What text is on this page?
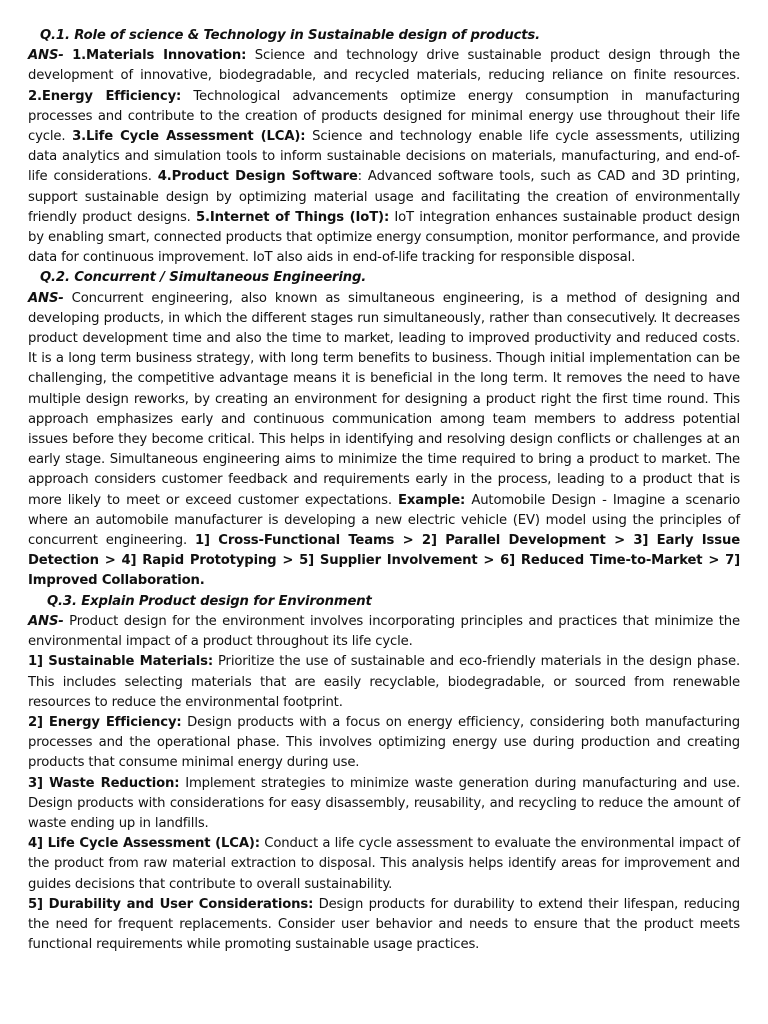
Q.1. Role of science & Technology in Sustainable design of products.

ANS- 1.Materials Innovation: Science and technology drive sustainable product design through the development of innovative, biodegradable, and recycled materials, reducing reliance on finite resources. 2.Energy Efficiency: Technological advancements optimize energy consumption in manufacturing processes and contribute to the creation of products designed for minimal energy use throughout their life cycle. 3.Life Cycle Assessment (LCA): Science and technology enable life cycle assessments, utilizing data analytics and simulation tools to inform sustainable decisions on materials, manufacturing, and end-of-life considerations. 4.Product Design Software: Advanced software tools, such as CAD and 3D printing, support sustainable design by optimizing material usage and facilitating the creation of environmentally friendly product designs. 5.Internet of Things (IoT): IoT integration enhances sustainable product design by enabling smart, connected products that optimize energy consumption, monitor performance, and provide data for continuous improvement. IoT also aids in end-of-life tracking for responsible disposal.

Q.2. Concurrent / Simultaneous Engineering.

ANS- Concurrent engineering, also known as simultaneous engineering, is a method of designing and developing products, in which the different stages run simultaneously, rather than consecutively. It decreases product development time and also the time to market, leading to improved productivity and reduced costs. It is a long term business strategy, with long term benefits to business. Though initial implementation can be challenging, the competitive advantage means it is beneficial in the long term. It removes the need to have multiple design reworks, by creating an environment for designing a product right the first time round. This approach emphasizes early and continuous communication among team members to address potential issues before they become critical. This helps in identifying and resolving design conflicts or challenges at an early stage. Simultaneous engineering aims to minimize the time required to bring a product to market. The approach considers customer feedback and requirements early in the process, leading to a product that is more likely to meet or exceed customer expectations. Example: Automobile Design - Imagine a scenario where an automobile manufacturer is developing a new electric vehicle (EV) model using the principles of concurrent engineering. 1] Cross-Functional Teams > 2] Parallel Development > 3] Early Issue Detection > 4] Rapid Prototyping > 5] Supplier Involvement > 6] Reduced Time-to-Market > 7] Improved Collaboration.

Q.3. Explain Product design for Environment

ANS- Product design for the environment involves incorporating principles and practices that minimize the environmental impact of a product throughout its life cycle.

1] Sustainable Materials: Prioritize the use of sustainable and eco-friendly materials in the design phase. This includes selecting materials that are easily recyclable, biodegradable, or sourced from renewable resources to reduce the environmental footprint.

2] Energy Efficiency: Design products with a focus on energy efficiency, considering both manufacturing processes and the operational phase. This involves optimizing energy use during production and creating products that consume minimal energy during use.

3] Waste Reduction: Implement strategies to minimize waste generation during manufacturing and use. Design products with considerations for easy disassembly, reusability, and recycling to reduce the amount of waste ending up in landfills.

4] Life Cycle Assessment (LCA): Conduct a life cycle assessment to evaluate the environmental impact of the product from raw material extraction to disposal. This analysis helps identify areas for improvement and guides decisions that contribute to overall sustainability.

5] Durability and User Considerations: Design products for durability to extend their lifespan, reducing the need for frequent replacements. Consider user behavior and needs to ensure that the product meets functional requirements while promoting sustainable usage practices.
